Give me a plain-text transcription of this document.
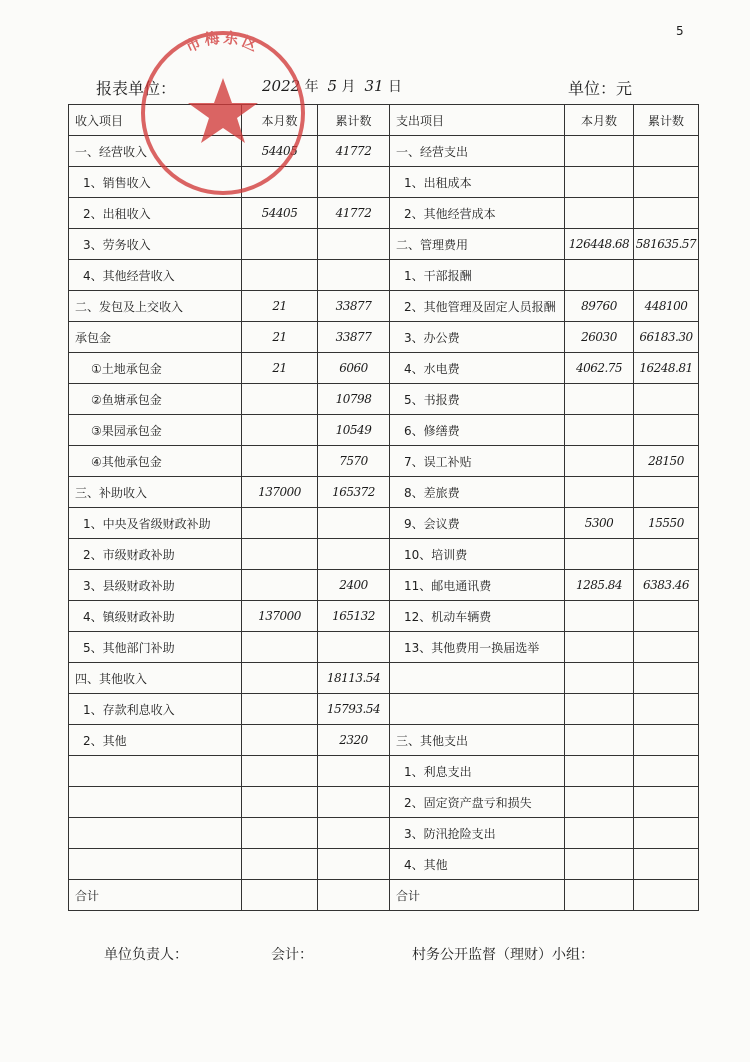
5
报表单位：	2022 年 5 月 31 日	单位：元
收入项目	本月数	累计数	支出项目	本月数	累计数
一、经营收入	54405	41772	一、经营支出		
1、销售收入			1、出租成本		
2、出租收入	54405	41772	2、其他经营成本		
3、劳务收入			二、管理费用	126448.68	581635.57
4、其他经营收入			1、干部报酬		
二、发包及上交收入	21	33877	2、其他管理及固定人员报酬	89760	448100
承包金	21	33877	3、办公费	26030	66183.30
①土地承包金	21	6060	4、水电费	4062.75	16248.81
②鱼塘承包金		10798	5、书报费		
③果园承包金		10549	6、修缮费		
④其他承包金		7570	7、误工补贴		28150
三、补助收入	137000	165372	8、差旅费		
1、中央及省级财政补助			9、会议费	5300	15550
2、市级财政补助			10、培训费		
3、县级财政补助		2400	11、邮电通讯费	1285.84	6383.46
4、镇级财政补助	137000	165132	12、机动车辆费		
5、其他部门补助			13、其他费用一换届选举		
四、其他收入		18113.54			
1、存款利息收入		15793.54			
2、其他		2320	三、其他支出		
			1、利息支出		
			2、固定资产盘亏和损失		
			3、防汛抢险支出		
			4、其他		
合计			合计		
单位负责人：	会计：	村务公开监督（理财）小组：
市梅东区
